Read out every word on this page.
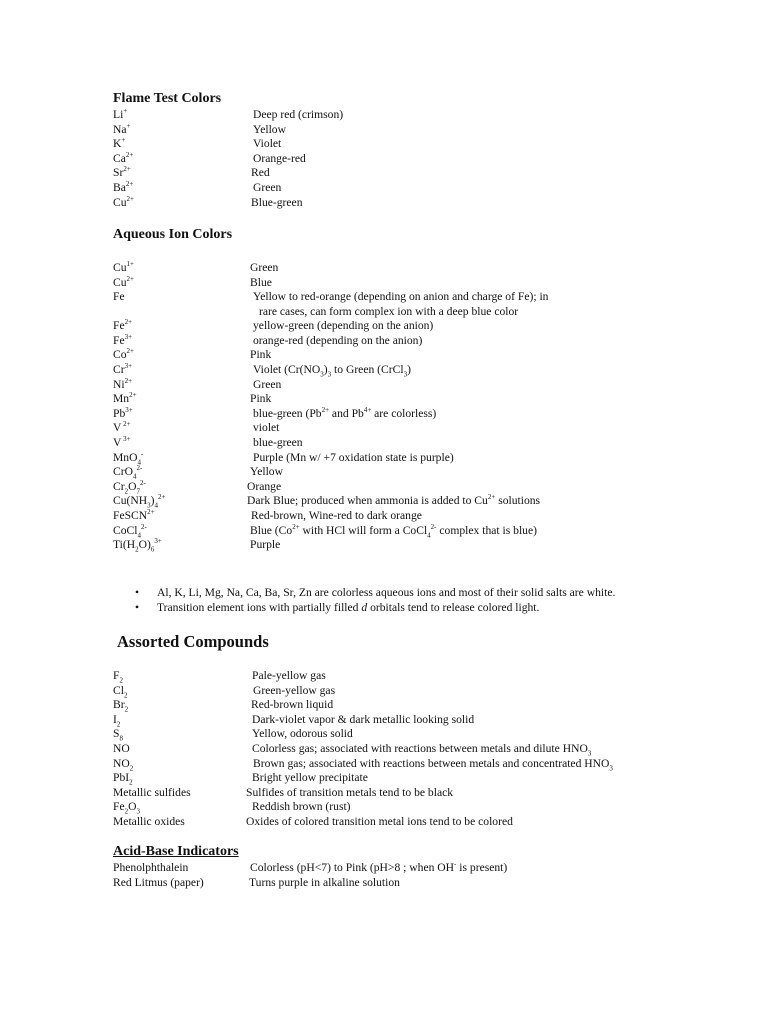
Flame Test Colors
Li+	Deep red (crimson)
Na+	Yellow
K+	Violet
$Ca^{2+}$	Orange-red
$Sr^{2+}$	Red
$Ba^{2+}$	Green
$Cu^{2+}$	Blue-green
Aqueous Ion Colors
$Cu^{1+}$	Green
$Cu^{2+}$	Blue
Fe	Yellow to red-orange (depending on anion and charge of Fe); in
rare cases, can form complex ion with a deep blue color
$Fe^{2+}$	yellow-green (depending on the anion)
$Fe^{3+}$	orange-red (depending on the anion)
$Co^{2+}$	Pink
$Cr^{3+}$	Violet ($Cr(NO_3)_3$ to Green (CrCl$_3$)
$Ni^{2+}$	Green
$Mn^{2+}$	Pink
$Pb^{3+}$	blue-green ($Pb^{2+}$ and $Pb^{4+}$ are colorless)
V $^{2+}$	violet
V $^{3+}$	blue-green
MnO$_4$-	Purple (Mn w/ +7 oxidation state is purple)
CrO$_4^{2-}$	Yellow
$Cr_2O_7^{2-}$	Orange
$Cu(NH_3)_4^{2+}$	Dark Blue; produced when ammonia is added to $Cu^{2+}$ solutions
FeSCN$^{2+}$	Red-brown, Wine-red to dark orange
CoCl$_4^{2-}$	Blue ($Co^{2+}$ with HCl will form a CoCl$_4^{2-}$ complex that is blue)
$Ti(H_2O)_6^{3+}$	Purple
• Al, K, Li, Mg, Na, Ca, Ba, Sr, Zn are colorless aqueous ions and most of their solid salts are white.
• Transition element ions with partially filled d orbitals tend to release colored light.
Assorted Compounds
$F_2$	Pale-yellow gas
$Cl_2$	Green-yellow gas
$Br_2$	Red-brown liquid
$I_2$	Dark-violet vapor & dark metallic looking solid
$S_8$	Yellow, odorous solid
NO	Colorless gas; associated with reactions between metals and dilute $HNO_3$
$NO_2$	Brown gas; associated with reactions between metals and concentrated $HNO_3$
PbI$_2$	Bright yellow precipitate
Metallic sulfides	Sulfides of transition metals tend to be black
$Fe_2O_3$	Reddish brown (rust)
Metallic oxides	Oxides of colored transition metal ions tend to be colored
Acid-Base Indicators
Phenolphthalein	Colorless (pH<7) to Pink (pH>8 ; when OH- is present)
Red Litmus (paper)	Turns purple in alkaline solution
